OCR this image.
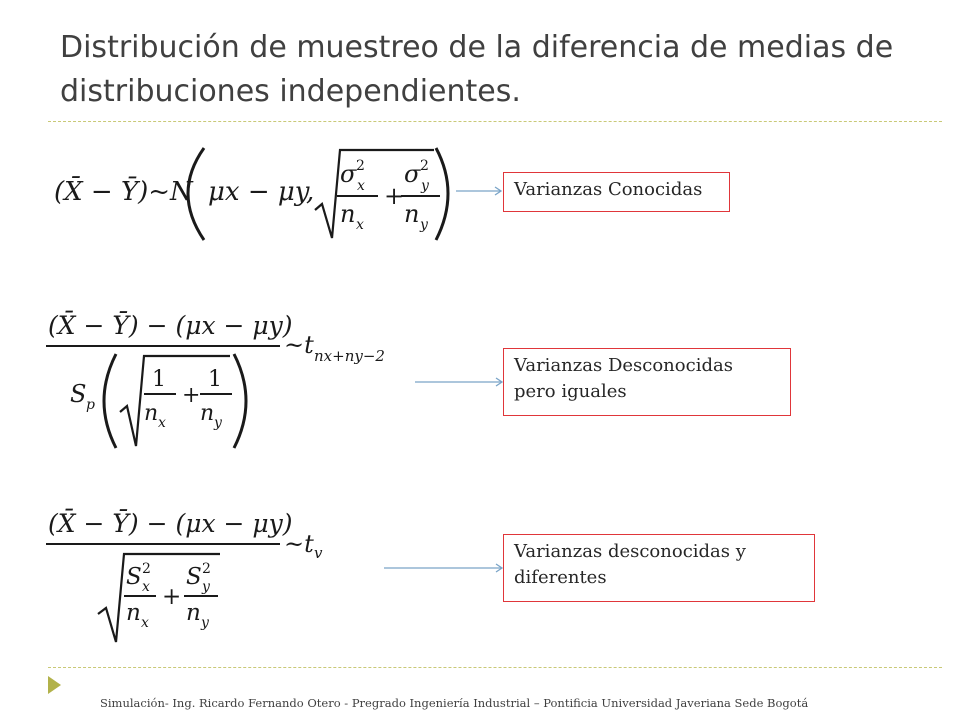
Distribución de muestreo de la diferencia de medias de distribuciones independientes.
(X̄ − Ȳ)~N μx − μy,
σ 2
x
n x
+
σ 2
y
n y
Varianzas Conocidas
(X̄ − Ȳ) − (μx − μy)
~t nx+ny−2
S p
1
n x
+
1
n y
Varianzas Desconocidas pero iguales
(X̄ − Ȳ) − (μx − μy)
~t v
S 2
x
n x
+
S 2
y
n y
Varianzas desconocidas y diferentes
Simulación- Ing. Ricardo Fernando Otero - Pregrado Ingeniería Industrial – Pontificia Universidad Javeriana Sede Bogotá
